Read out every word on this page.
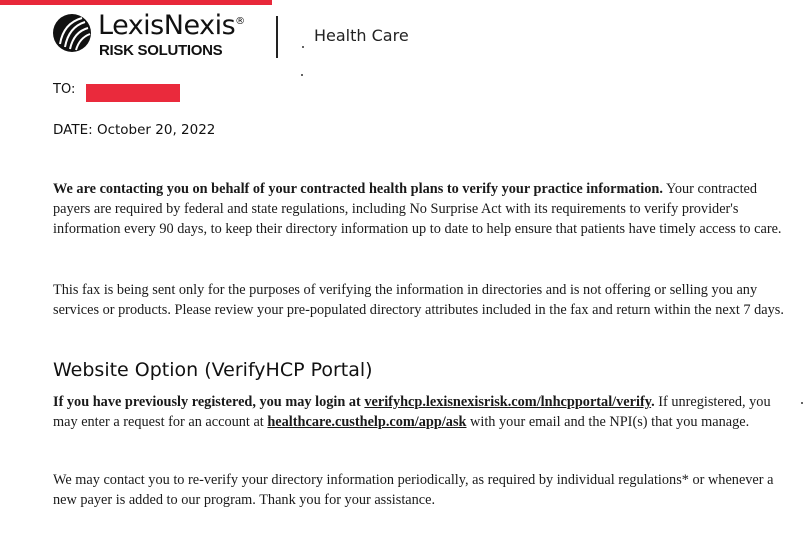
LexisNexis®
RISK SOLUTIONS
Health Care
TO:
DATE: October 20, 2022
We are contacting you on behalf of your contracted health plans to verify your practice information. Your contracted payers are required by federal and state regulations, including No Surprise Act with its requirements to verify provider's information every 90 days, to keep their directory information up to date to help ensure that patients have timely access to care.
This fax is being sent only for the purposes of verifying the information in directories and is not offering or selling you any services or products. Please review your pre-populated directory attributes included in the fax and return within the next 7 days.
Website Option (VerifyHCP Portal)
If you have previously registered, you may login at verifyhcp.lexisnexisrisk.com/lnhcpportal/verify. If unregistered, you may enter a request for an account at healthcare.custhelp.com/app/ask with your email and the NPI(s) that you manage.
We may contact you to re-verify your directory information periodically, as required by individual regulations* or whenever a new payer is added to our program. Thank you for your assistance.
